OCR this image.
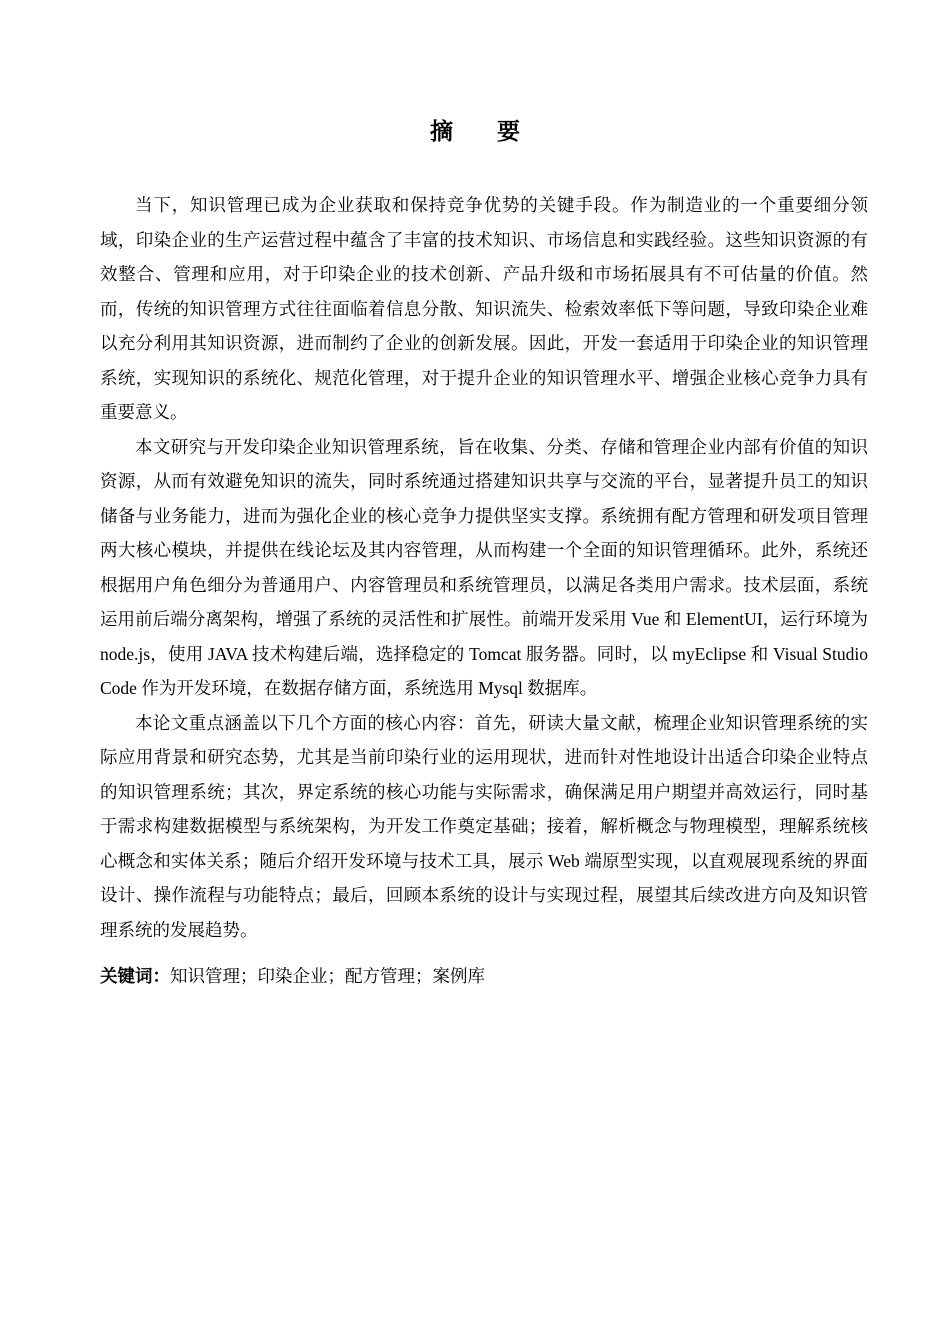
摘 要

当下，知识管理已成为企业获取和保持竞争优势的关键手段。作为制造业的一个重要细分领域，印染企业的生产运营过程中蕴含了丰富的技术知识、市场信息和实践经验。这些知识资源的有效整合、管理和应用，对于印染企业的技术创新、产品升级和市场拓展具有不可估量的价值。然而，传统的知识管理方式往往面临着信息分散、知识流失、检索效率低下等问题，导致印染企业难以充分利用其知识资源，进而制约了企业的创新发展。因此，开发一套适用于印染企业的知识管理系统，实现知识的系统化、规范化管理，对于提升企业的知识管理水平、增强企业核心竞争力具有重要意义。

本文研究与开发印染企业知识管理系统，旨在收集、分类、存储和管理企业内部有价值的知识资源，从而有效避免知识的流失，同时系统通过搭建知识共享与交流的平台，显著提升员工的知识储备与业务能力，进而为强化企业的核心竞争力提供坚实支撑。系统拥有配方管理和研发项目管理两大核心模块，并提供在线论坛及其内容管理，从而构建一个全面的知识管理循环。此外，系统还根据用户角色细分为普通用户、内容管理员和系统管理员，以满足各类用户需求。技术层面，系统运用前后端分离架构，增强了系统的灵活性和扩展性。前端开发采用 Vue 和 ElementUI，运行环境为 node.js，使用 JAVA 技术构建后端，选择稳定的 Tomcat 服务器。同时，以 myEclipse 和 Visual Studio Code 作为开发环境，在数据存储方面，系统选用 Mysql 数据库。

本论文重点涵盖以下几个方面的核心内容：首先，研读大量文献，梳理企业知识管理系统的实际应用背景和研究态势，尤其是当前印染行业的运用现状，进而针对性地设计出适合印染企业特点的知识管理系统；其次，界定系统的核心功能与实际需求，确保满足用户期望并高效运行，同时基于需求构建数据模型与系统架构，为开发工作奠定基础；接着，解析概念与物理模型，理解系统核心概念和实体关系；随后介绍开发环境与技术工具，展示 Web 端原型实现，以直观展现系统的界面设计、操作流程与功能特点；最后，回顾本系统的设计与实现过程，展望其后续改进方向及知识管理系统的发展趋势。

关键词：知识管理；印染企业；配方管理；案例库
